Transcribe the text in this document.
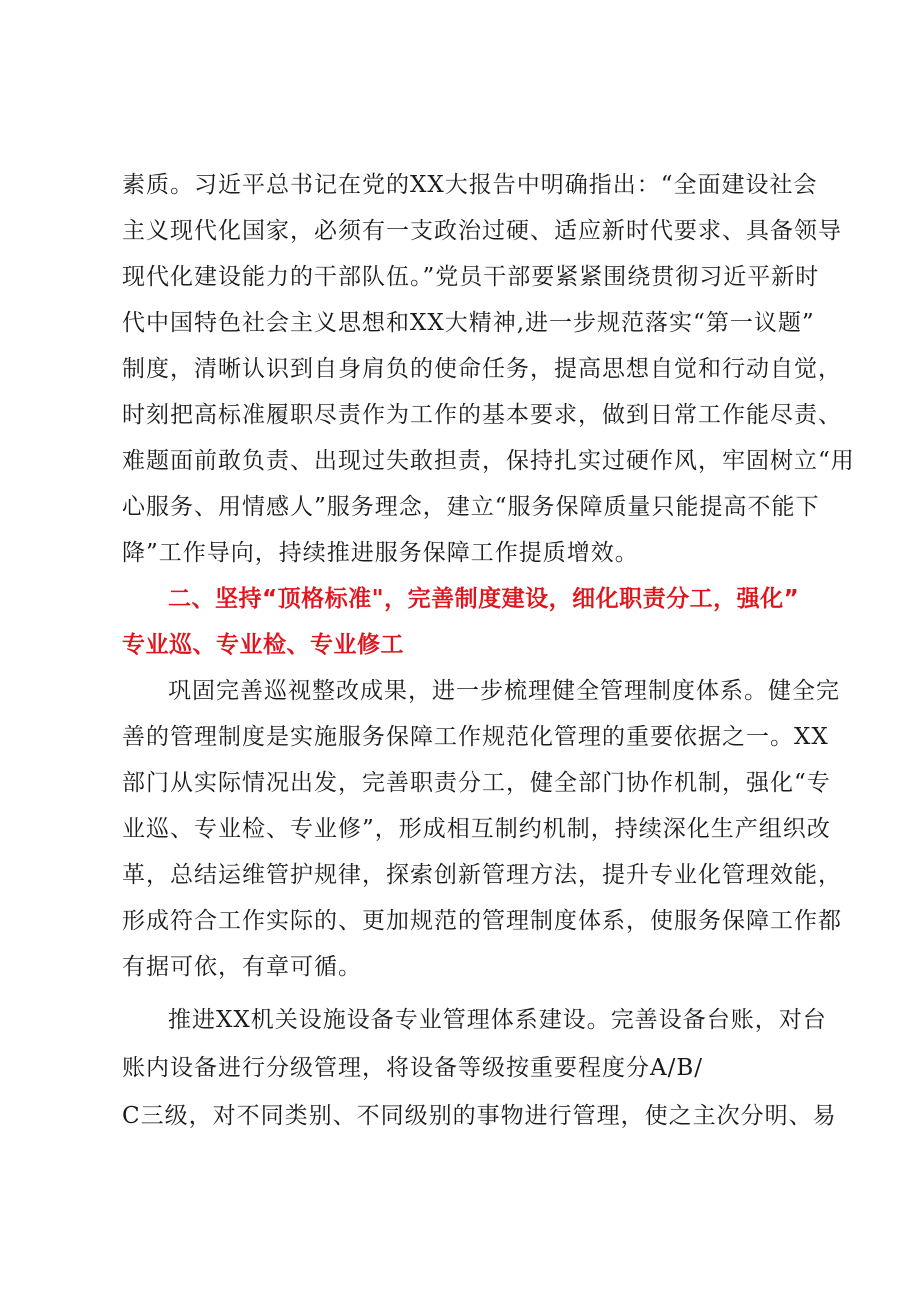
素质。习近平总书记在党的XX大报告中明确指出：“全面建设社会
主义现代化国家，必须有一支政治过硬、适应新时代要求、具备领导
现代化建设能力的干部队伍。”党员干部要紧紧围绕贯彻习近平新时
代中国特色社会主义思想和XX大精神,进一步规范落实“第一议题”
制度，清晰认识到自身肩负的使命任务，提高思想自觉和行动自觉，
时刻把高标准履职尽责作为工作的基本要求，做到日常工作能尽责、
难题面前敢负责、出现过失敢担责，保持扎实过硬作风，牢固树立“用
心服务、用情感人”服务理念，建立“服务保障质量只能提高不能下
降”工作导向，持续推进服务保障工作提质增效。
二、坚持“顶格标准"，完善制度建设，细化职责分工，强化”
专业巡、专业检、专业修工
巩固完善巡视整改成果，进一步梳理健全管理制度体系。健全完
善的管理制度是实施服务保障工作规范化管理的重要依据之一。XX
部门从实际情况出发，完善职责分工，健全部门协作机制，强化“专
业巡、专业检、专业修”，形成相互制约机制，持续深化生产组织改
革，总结运维管护规律，探索创新管理方法，提升专业化管理效能，
形成符合工作实际的、更加规范的管理制度体系，使服务保障工作都
有据可依，有章可循。
推进XX机关设施设备专业管理体系建设。完善设备台账，对台
账内设备进行分级管理，将设备等级按重要程度分A/B/
C三级，对不同类别、不同级别的事物进行管理，使之主次分明、易
